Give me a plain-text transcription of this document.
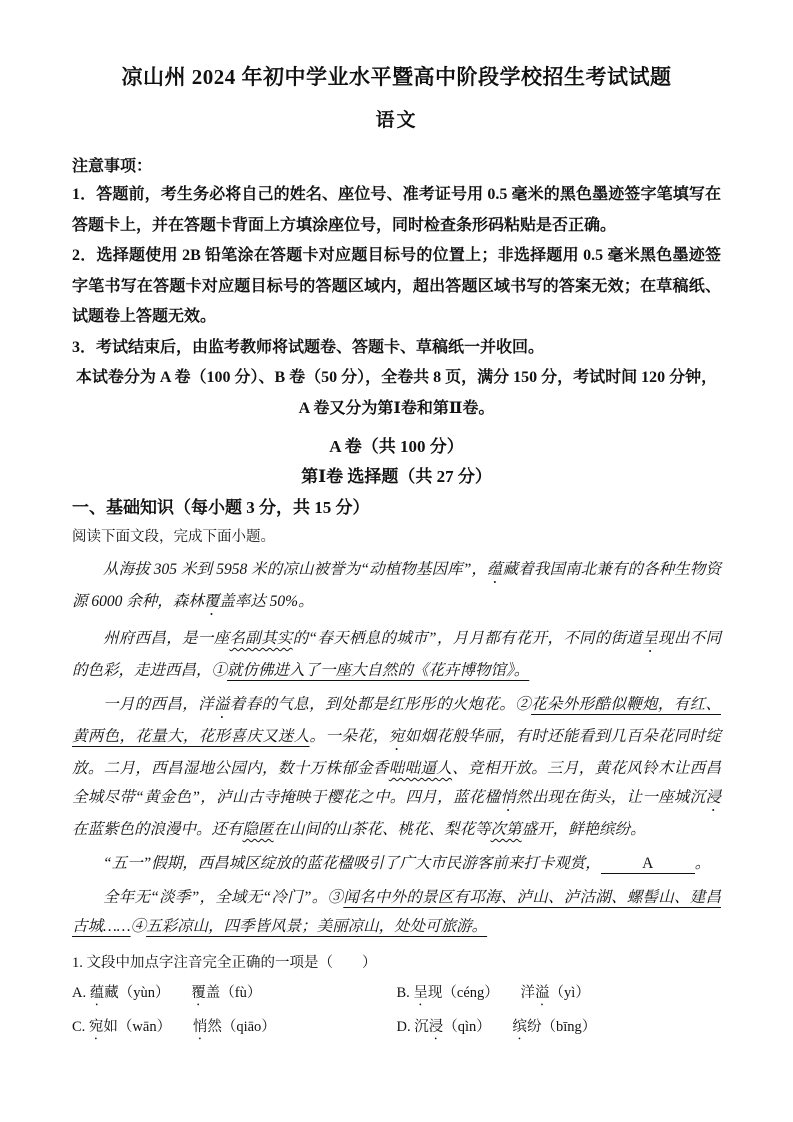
凉山州 2024 年初中学业水平暨高中阶段学校招生考试试题
语文
注意事项：

1．答题前，考生务必将自己的姓名、座位号、准考证号用 0.5 毫米的黑色墨迹签字笔填写在答题卡上，并在答题卡背面上方填涂座位号，同时检查条形码粘贴是否正确。

2．选择题使用 2B 铅笔涂在答题卡对应题目标号的位置上；非选择题用 0.5 毫米黑色墨迹签字笔书写在答题卡对应题目标号的答题区域内，超出答题区域书写的答案无效；在草稿纸、试题卷上答题无效。

3．考试结束后，由监考教师将试题卷、答题卡、草稿纸一并收回。

本试卷分为 A 卷（100 分）、B 卷（50 分），全卷共 8 页，满分 150 分，考试时间 120 分钟，A 卷又分为第Ⅰ卷和第Ⅱ卷。

A 卷（共 100 分）
第Ⅰ卷 选择题（共 27 分）
一、基础知识（每小题 3 分，共 15 分）

阅读下面文段，完成下面小题。

从海拔 305 米到 5958 米的凉山被誉为“动植物基因库”，蕴藏着我国南北兼有的各种生物资源 6000 余种，森林覆盖率达 50%。

州府西昌，是一座名副其实的“春天栖息的城市”，月月都有花开，不同的街道呈现出不同的色彩，走进西昌，①就仿佛进入了一座大自然的《花卉博物馆》。

一月的西昌，洋溢着春的气息，到处都是红彤彤的火炮花。②花朵外形酷似鞭炮，有红、黄两色，花量大，花形喜庆又迷人。一朵花，宛如烟花般华丽，有时还能看到几百朵花同时绽放。二月，西昌湿地公园内，数十万株郁金香咄咄逼人、竞相开放。三月，黄花风铃木让西昌全城尽带“黄金色”，泸山古寺掩映于樱花之中。四月，蓝花楹悄然出现在街头，让一座城沉浸在蓝紫色的浪漫中。还有隐匿在山间的山茶花、桃花、梨花等次第盛开，鲜艳缤纷。

“五一”假期，西昌城区绽放的蓝花楹吸引了广大市民游客前来打卡观赏，	A	。

全年无“淡季”，全域无“冷门”。③闻名中外的景区有邛海、泸山、泸沽湖、螺髻山、建昌古城……④五彩凉山，四季皆风景；美丽凉山，处处可旅游。

1. 文段中加点字注音完全正确的一项是（　　）

A. 蕴藏（yùn）　　覆盖（fù）	B. 呈现（céng）　　洋溢（yì）
C. 宛如（wān）　　悄然（qiāo）	D. 沉浸（qìn）　　缤纷（bīng）
